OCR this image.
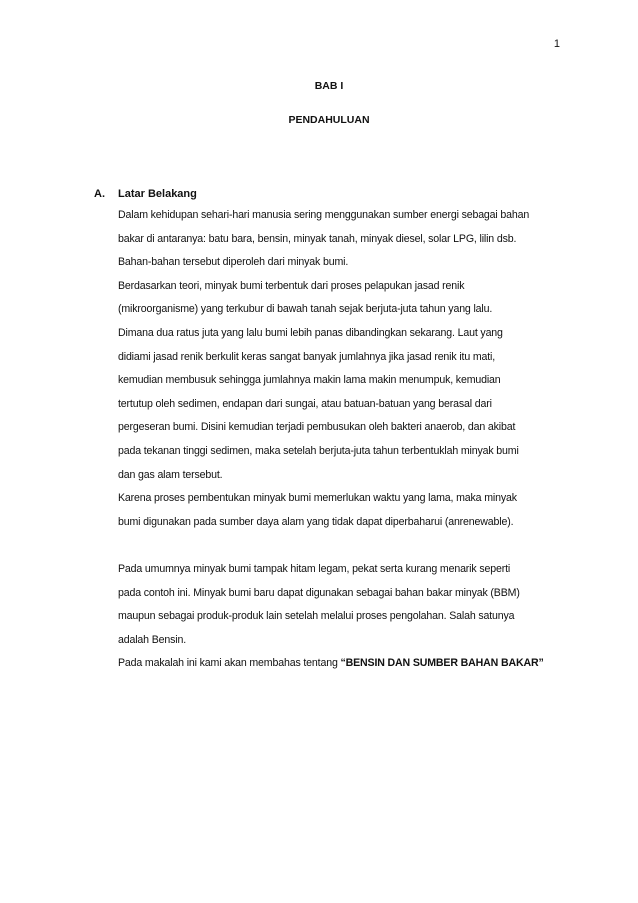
1
BAB I
PENDAHULUAN
A.	Latar Belakang
Dalam kehidupan sehari-hari manusia sering menggunakan sumber energi sebagai bahan
bakar di antaranya: batu bara, bensin, minyak tanah, minyak diesel, solar LPG, lilin dsb.
Bahan-bahan tersebut diperoleh dari minyak bumi.
Berdasarkan teori, minyak bumi terbentuk dari proses pelapukan jasad renik
(mikroorganisme) yang terkubur di bawah tanah sejak berjuta-juta tahun yang lalu.
Dimana dua ratus juta yang lalu bumi lebih panas dibandingkan sekarang. Laut yang
didiami jasad renik berkulit keras sangat banyak jumlahnya jika jasad renik itu mati,
kemudian membusuk sehingga jumlahnya makin lama makin menumpuk, kemudian
tertutup oleh sedimen, endapan dari sungai, atau batuan-batuan yang berasal dari
pergeseran bumi. Disini kemudian terjadi pembusukan oleh bakteri anaerob, dan akibat
pada tekanan tinggi sedimen, maka setelah berjuta-juta tahun terbentuklah minyak bumi
dan gas alam tersebut.
Karena proses pembentukan minyak bumi memerlukan waktu yang lama, maka minyak
bumi digunakan pada sumber daya alam yang tidak dapat diperbaharui (anrenewable).
Pada umumnya minyak bumi tampak hitam legam, pekat serta kurang menarik seperti
pada contoh ini. Minyak bumi baru dapat digunakan sebagai bahan bakar minyak (BBM)
maupun sebagai produk-produk lain setelah melalui proses pengolahan. Salah satunya
adalah Bensin.
Pada makalah ini kami akan membahas tentang “BENSIN DAN SUMBER BAHAN BAKAR”
